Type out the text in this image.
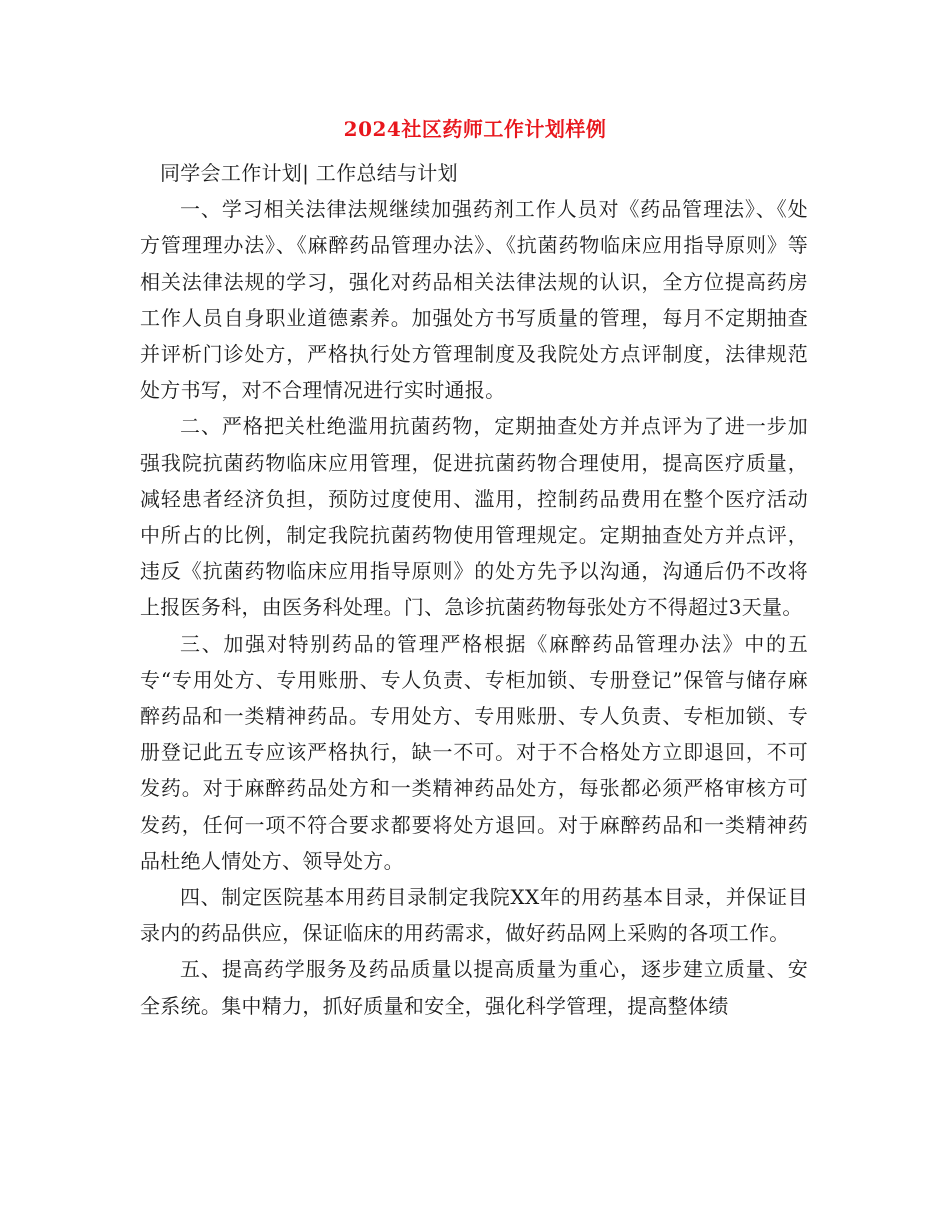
2024社区药师工作计划样例

同学会工作计划| 工作总结与计划

一、学习相关法律法规继续加强药剂工作人员对《药品管理法》、《处方管理理办法》、《麻醉药品管理办法》、《抗菌药物临床应用指导原则》等相关法律法规的学习，强化对药品相关法律法规的认识，全方位提高药房工作人员自身职业道德素养。加强处方书写质量的管理，每月不定期抽查并评析门诊处方，严格执行处方管理制度及我院处方点评制度，法律规范处方书写，对不合理情况进行实时通报。

二、严格把关杜绝滥用抗菌药物，定期抽查处方并点评为了进一步加强我院抗菌药物临床应用管理，促进抗菌药物合理使用，提高医疗质量，减轻患者经济负担，预防过度使用、滥用，控制药品费用在整个医疗活动中所占的比例，制定我院抗菌药物使用管理规定。定期抽查处方并点评，违反《抗菌药物临床应用指导原则》的处方先予以沟通，沟通后仍不改将上报医务科，由医务科处理。门、急诊抗菌药物每张处方不得超过3天量。

三、加强对特别药品的管理严格根据《麻醉药品管理办法》中的五专“专用处方、专用账册、专人负责、专柜加锁、专册登记”保管与储存麻醉药品和一类精神药品。专用处方、专用账册、专人负责、专柜加锁、专册登记此五专应该严格执行，缺一不可。对于不合格处方立即退回，不可发药。对于麻醉药品处方和一类精神药品处方，每张都必须严格审核方可发药，任何一项不符合要求都要将处方退回。对于麻醉药品和一类精神药品杜绝人情处方、领导处方。

四、制定医院基本用药目录制定我院XX年的用药基本目录，并保证目录内的药品供应，保证临床的用药需求，做好药品网上采购的各项工作。

五、提高药学服务及药品质量以提高质量为重心，逐步建立质量、安全系统。集中精力，抓好质量和安全，强化科学管理，提高整体绩
